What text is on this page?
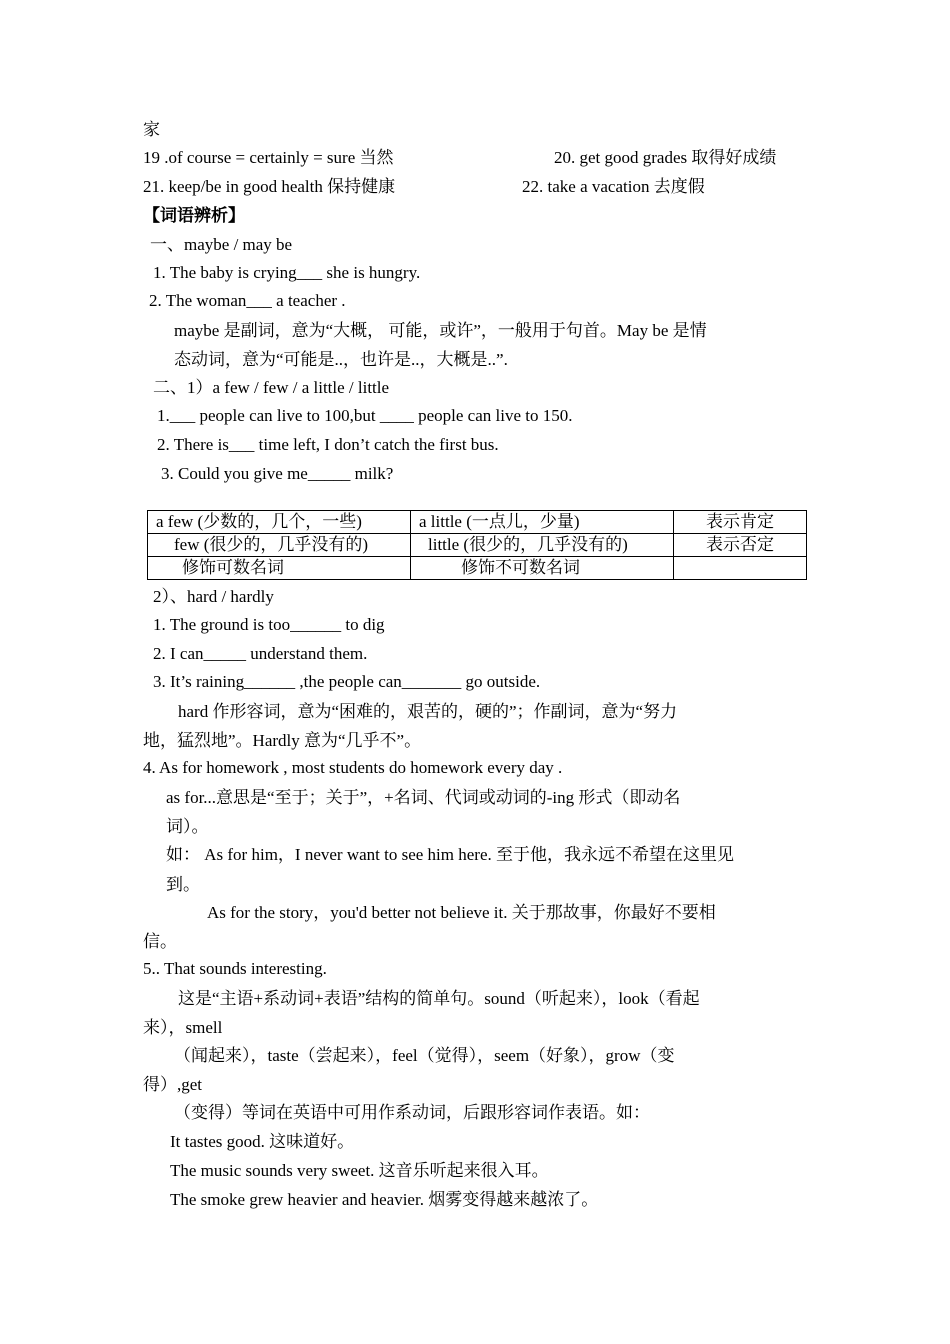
家
19 .of course = certainly = sure 当然	20. get good grades 取得好成绩
21. keep/be in good health 保持健康	22. take a vacation 去度假
【词语辨析】
一、maybe / may be
1. The baby is crying___ she is hungry.
2. The woman___ a teacher .
maybe 是副词，意为“大概， 可能，或许”，一般用于句首。May be 是情
态动词，意为“可能是..，也许是..，大概是..”.
二、1）a few / few / a little / little
1.___ people can live to 100,but ____ people can live to 150.
2. There is___ time left, I don’t catch the first bus.
3. Could you give me_____ milk?
a few (少数的，几个，一些)	a little (一点儿，少量)	表示肯定
few (很少的，几乎没有的)	little (很少的，几乎没有的)	表示否定
修饰可数名词	修饰不可数名词	
2）、hard / hardly
1. The ground is too______ to dig
2. I can_____ understand them.
3. It’s raining______ ,the people can_______ go outside.
hard 作形容词，意为“困难的，艰苦的，硬的”；作副词，意为“努力
地，猛烈地”。Hardly 意为“几乎不”。
4. As for homework , most students do homework every day .
as for...意思是“至于；关于”，+名词、代词或动词的-ing 形式（即动名
词）。
如： As for him，I never want to see him here. 至于他，我永远不希望在这里见
到。
As for the story，you'd better not believe it. 关于那故事，你最好不要相
信。
5.. That sounds interesting.
这是“主语+系动词+表语”结构的简单句。sound（听起来），look（看起
来），smell
（闻起来），taste（尝起来），feel（觉得），seem（好象），grow（变
得）,get
（变得）等词在英语中可用作系动词，后跟形容词作表语。如：
It tastes good. 这味道好。
The music sounds very sweet. 这音乐听起来很入耳。
The smoke grew heavier and heavier. 烟雾变得越来越浓了。
